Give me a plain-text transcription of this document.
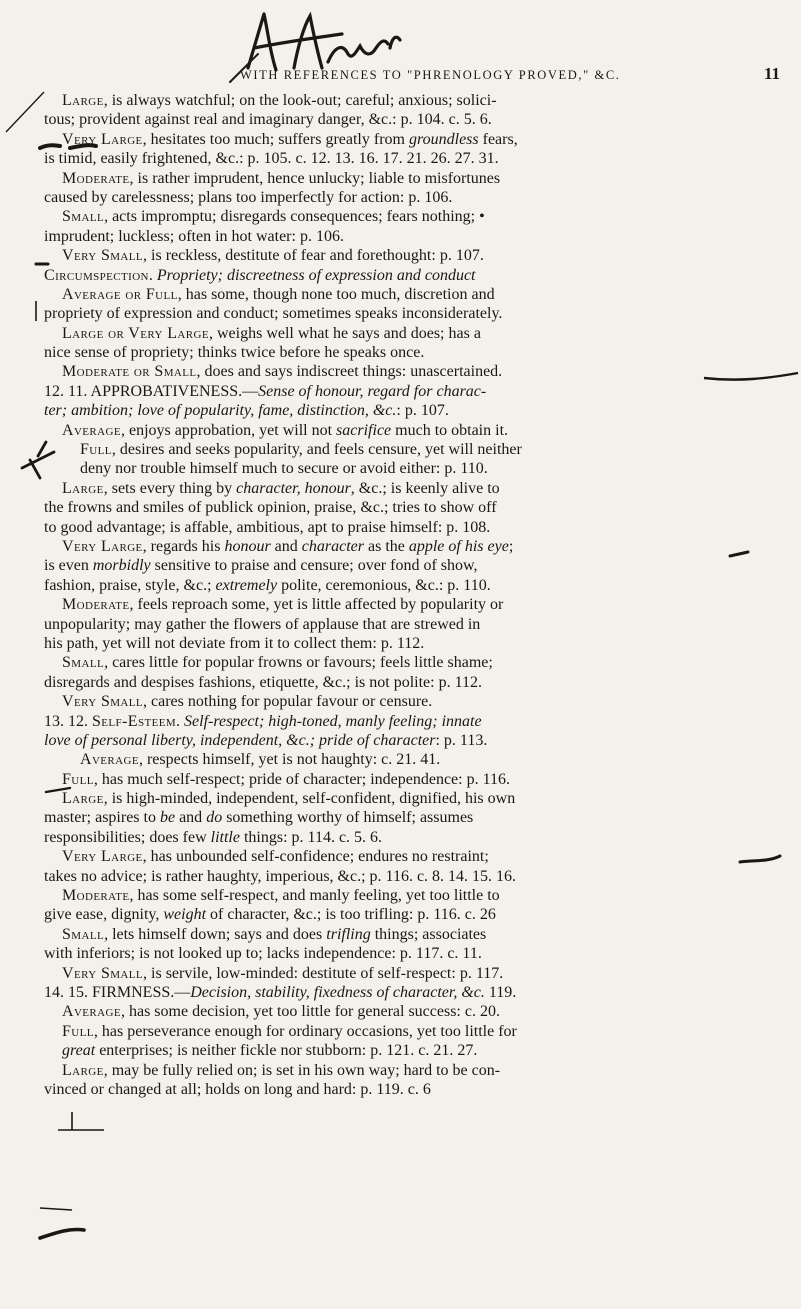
WITH REFERENCES TO "PHRENOLOGY PROVED," &C.	11
Large, is always watchful; on the look-out; careful; anxious; solici-
tous; provident against real and imaginary danger, &c.: p. 104. c. 5. 6.
Very Large, hesitates too much; suffers greatly from groundless fears,
is timid, easily frightened, &c.: p. 105. c. 12. 13. 16. 17. 21. 26. 27. 31.
Moderate, is rather imprudent, hence unlucky; liable to misfortunes
caused by carelessness; plans too imperfectly for action: p. 106.
Small, acts impromptu; disregards consequences; fears nothing; •
imprudent; luckless; often in hot water: p. 106.
Very Small, is reckless, destitute of fear and forethought: p. 107.
Circumspection. Propriety; discreetness of expression and conduct
Average or Full, has some, though none too much, discretion and
propriety of expression and conduct; sometimes speaks inconsiderately.
Large or Very Large, weighs well what he says and does; has a
nice sense of propriety; thinks twice before he speaks once.
Moderate or Small, does and says indiscreet things: unascertained.
12. 11. APPROBATIVENESS.—Sense of honour, regard for charac-
ter; ambition; love of popularity, fame, distinction, &c.: p. 107.
Average, enjoys approbation, yet will not sacrifice much to obtain it.
Full, desires and seeks popularity, and feels censure, yet will neither
deny nor trouble himself much to secure or avoid either: p. 110.
Large, sets every thing by character, honour, &c.; is keenly alive to
the frowns and smiles of publick opinion, praise, &c.; tries to show off
to good advantage; is affable, ambitious, apt to praise himself: p. 108.
Very Large, regards his honour and character as the apple of his eye;
is even morbidly sensitive to praise and censure; over fond of show,
fashion, praise, style, &c.; extremely polite, ceremonious, &c.: p. 110.
Moderate, feels reproach some, yet is little affected by popularity or
unpopularity; may gather the flowers of applause that are strewed in
his path, yet will not deviate from it to collect them: p. 112.
Small, cares little for popular frowns or favours; feels little shame;
disregards and despises fashions, etiquette, &c.; is not polite: p. 112.
Very Small, cares nothing for popular favour or censure.
13. 12. Self-Esteem. Self-respect; high-toned, manly feeling; innate
love of personal liberty, independent, &c.; pride of character: p. 113.
Average, respects himself, yet is not haughty: c. 21. 41.
Full, has much self-respect; pride of character; independence: p. 116.
Large, is high-minded, independent, self-confident, dignified, his own
master; aspires to be and do something worthy of himself; assumes
responsibilities; does few little things: p. 114. c. 5. 6.
Very Large, has unbounded self-confidence; endures no restraint;
takes no advice; is rather haughty, imperious, &c.; p. 116. c. 8. 14. 15. 16.
Moderate, has some self-respect, and manly feeling, yet too little to
give ease, dignity, weight of character, &c.; is too trifling: p. 116. c. 26
Small, lets himself down; says and does trifling things; associates
with inferiors; is not looked up to; lacks independence: p. 117. c. 11.
Very Small, is servile, low-minded: destitute of self-respect: p. 117.
14. 15. FIRMNESS.—Decision, stability, fixedness of character, &c. 119.
Average, has some decision, yet too little for general success: c. 20.
Full, has perseverance enough for ordinary occasions, yet too little for
great enterprises; is neither fickle nor stubborn: p. 121. c. 21. 27.
Large, may be fully relied on; is set in his own way; hard to be con-
vinced or changed at all; holds on long and hard: p. 119. c. 6
